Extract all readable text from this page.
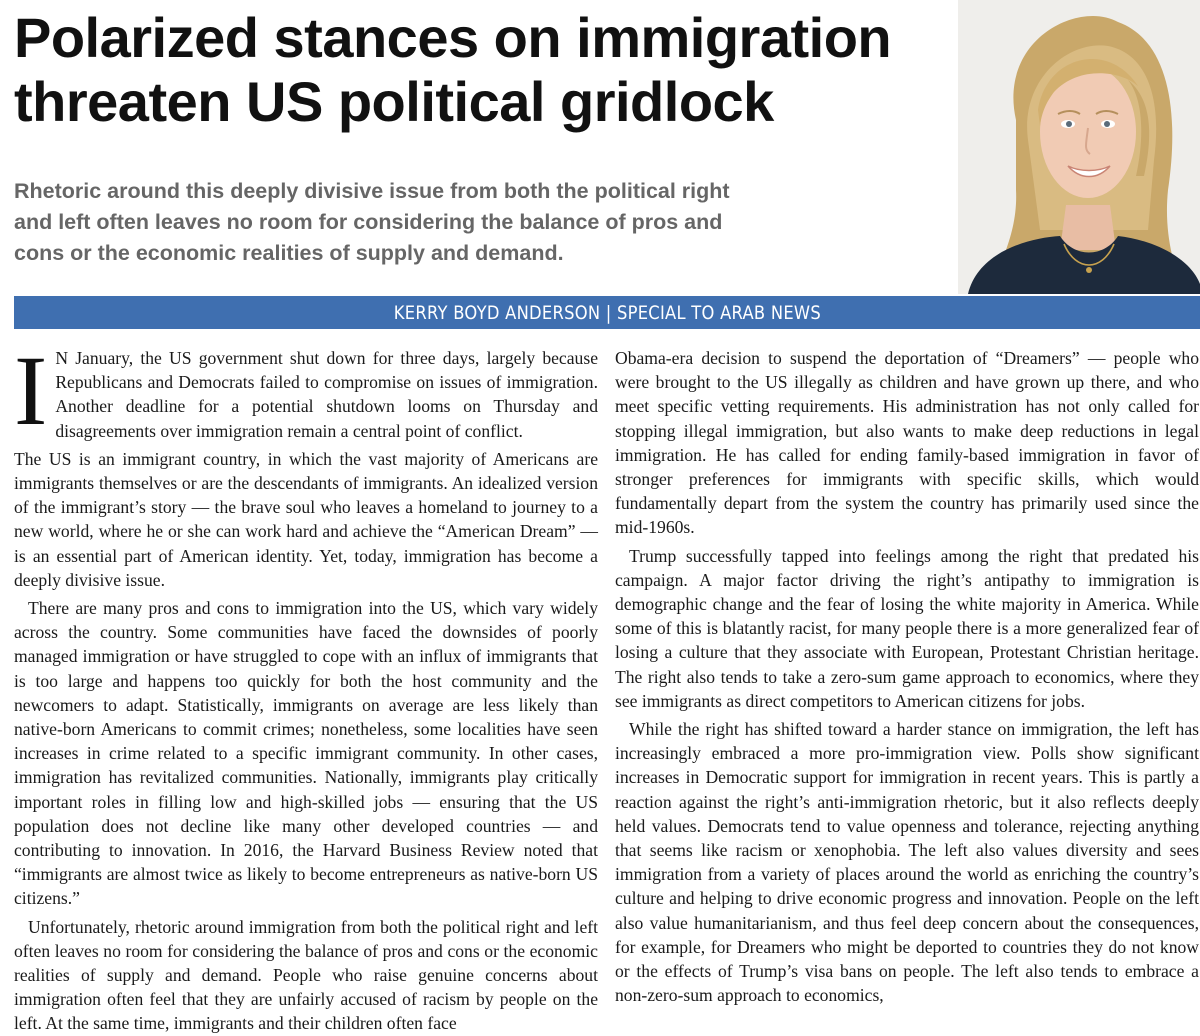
Polarized stances on immigration
threaten US political gridlock
Rhetoric around this deeply divisive issue from both the political right
and left often leaves no room for considering the balance of pros and
cons or the economic realities of supply and demand.
KERRY BOYD ANDERSON | SPECIAL TO ARAB NEWS

I N January, the US government shut down for three days, largely because Republicans and Democrats failed to compromise on issues of immigration. Another deadline for a potential shutdown looms on Thursday and disagreements over immigration remain a central point of conflict.

The US is an immigrant country, in which the vast majority of Americans are immigrants themselves or are the descendants of immigrants. An idealized version of the immigrant’s story — the brave soul who leaves a homeland to journey to a new world, where he or she can work hard and achieve the “American Dream” — is an essential part of American identity. Yet, today, immigration has become a deeply divisive issue.

There are many pros and cons to immigration into the US, which vary widely across the country. Some communities have faced the downsides of poorly managed immigration or have struggled to cope with an influx of immigrants that is too large and happens too quickly for both the host community and the newcomers to adapt. Statistically, immigrants on average are less likely than native-born Americans to commit crimes; nonetheless, some localities have seen increases in crime related to a specific immigrant community. In other cases, immigration has revitalized communities. Nationally, immigrants play critically important roles in filling low and high-skilled jobs — ensuring that the US population does not decline like many other developed countries — and contributing to innovation. In 2016, the Harvard Business Review noted that “immigrants are almost twice as likely to become entrepreneurs as native-born US citizens.”

Unfortunately, rhetoric around immigration from both the political right and left often leaves no room for considering the balance of pros and cons or the economic realities of supply and demand. People who raise genuine concerns about immigration often feel that they are unfairly accused of racism by people on the left. At the same time, immigrants and their children often face

Obama-era decision to suspend the deportation of “Dreamers” — people who were brought to the US illegally as children and have grown up there, and who meet specific vetting requirements. His administration has not only called for stopping illegal immigration, but also wants to make deep reductions in legal immigration. He has called for ending family-based immigration in favor of stronger preferences for immigrants with specific skills, which would fundamentally depart from the system the country has primarily used since the mid-1960s.

Trump successfully tapped into feelings among the right that predated his campaign. A major factor driving the right’s antipathy to immigration is demographic change and the fear of losing the white majority in America. While some of this is blatantly racist, for many people there is a more generalized fear of losing a culture that they associate with European, Protestant Christian heritage. The right also tends to take a zero-sum game approach to economics, where they see immigrants as direct competitors to American citizens for jobs.

While the right has shifted toward a harder stance on immigration, the left has increasingly embraced a more pro-immigration view. Polls show significant increases in Democratic support for immigration in recent years. This is partly a reaction against the right’s anti-immigration rhetoric, but it also reflects deeply held values. Democrats tend to value openness and tolerance, rejecting anything that seems like racism or xenophobia. The left also values diversity and sees immigration from a variety of places around the world as enriching the country’s culture and helping to drive economic progress and innovation. People on the left also value humanitarianism, and thus feel deep concern about the consequences, for example, for Dreamers who might be deported to countries they do not know or the effects of Trump’s visa bans on people. The left also tends to embrace a non-zero-sum approach to economics,
